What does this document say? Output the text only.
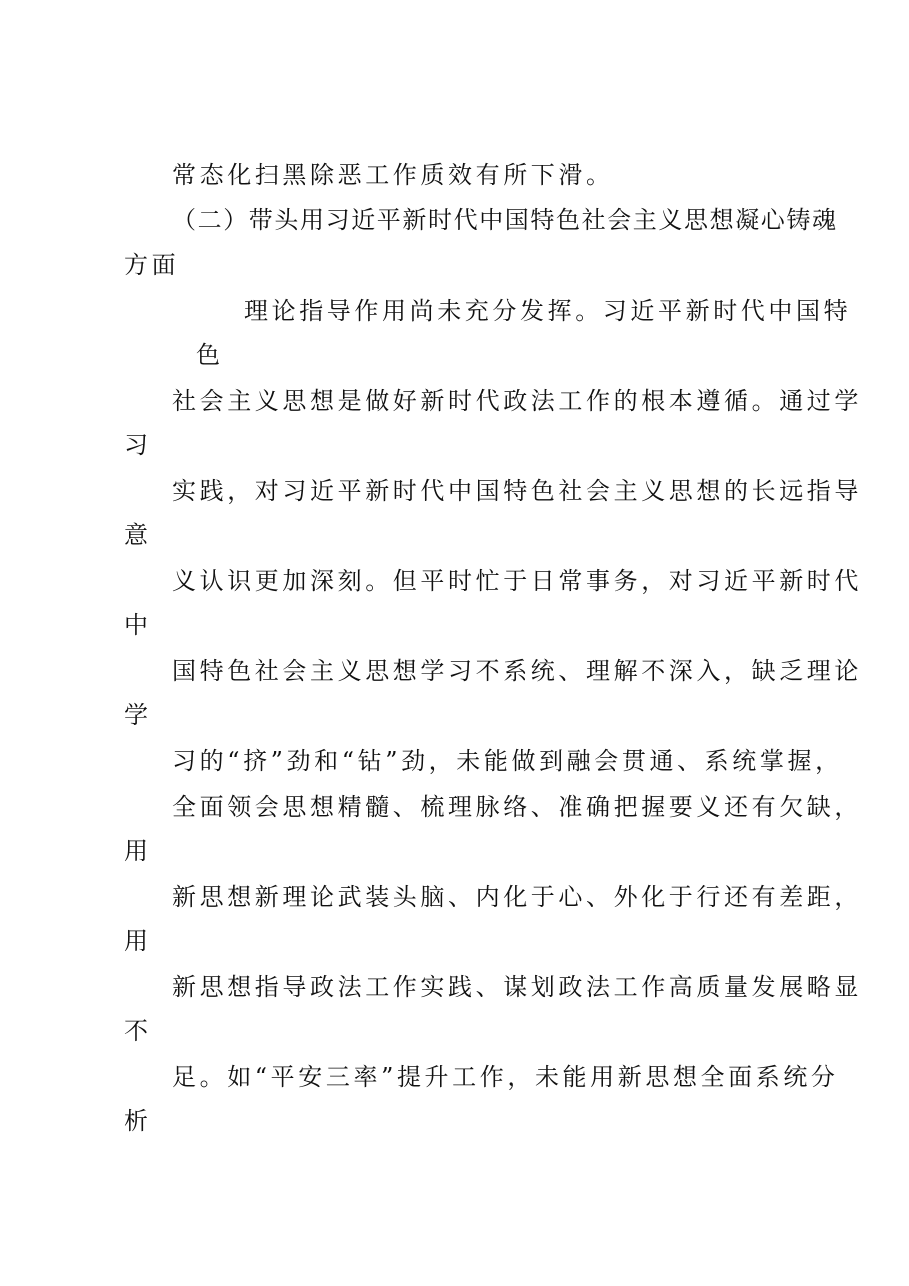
常态化扫黑除恶工作质效有所下滑。
（二）带头用习近平新时代中国特色社会主义思想凝心铸魂
方面
理论指导作用尚未充分发挥。习近平新时代中国特
色
社会主义思想是做好新时代政法工作的根本遵循。通过学
习
实践，对习近平新时代中国特色社会主义思想的长远指导
意
义认识更加深刻。但平时忙于日常事务，对习近平新时代
中
国特色社会主义思想学习不系统、理解不深入，缺乏理论
学
习的“挤”劲和“钻”劲，未能做到融会贯通、系统掌握，
全面领会思想精髓、梳理脉络、准确把握要义还有欠缺，
用
新思想新理论武装头脑、内化于心、外化于行还有差距，
用
新思想指导政法工作实践、谋划政法工作高质量发展略显
不
足。如“平安三率”提升工作，未能用新思想全面系统分
析
